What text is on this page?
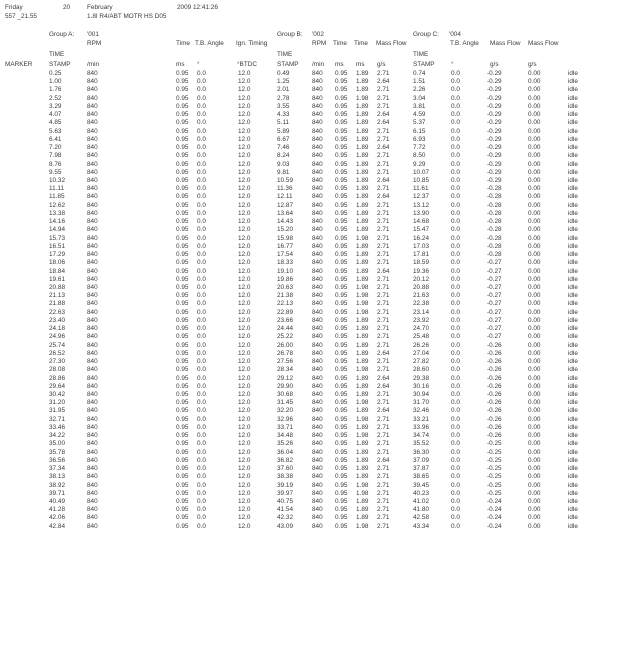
Friday	20	February	2009 12:41:26
557 _21.55	1.8I R4/ABT MOTR HS D05
Group A: '001	Group B: '002	Group C: '004
RPM	Time T.B. Angle Ign. Timing	RPM Time Time Mass Flow	T.B. Angle Mass Flow Mass Flow
TIME	TIME	TIME
MARKER	STAMP	/min	ms °	°BTDC	STAMP /min ms ms g/s	STAMP	°	g/s	g/s
0.25	840	0.95 0.0	12.0	0.49	840 0.95 1.89 2.71	0.74	0.0	-0.29	0.00	idle
1.00	840	0.95 0.0	12.0	1.25	840 0.95 1.89 2.64	1.51	0.0	-0.29	0.00	idle
1.76	840	0.95 0.0	12.0	2.01	840 0.95 1.89 2.71	2.26	0.0	-0.29	0.00	idle
2.52	840	0.95 0.0	12.0	2.78	840 0.95 1.98 2.71	3.04	0.0	-0.29	0.00	idle
3.29	840	0.95 0.0	12.0	3.55	840 0.95 1.89 2.71	3.81	0.0	-0.29	0.00	idle
4.07	840	0.95 0.0	12.0	4.33	840 0.95 1.89 2.64	4.59	0.0	-0.29	0.00	idle
4.85	840	0.95 0.0	12.0	5.11	840 0.95 1.89 2.64	5.37	0.0	-0.29	0.00	idle
5.63	840	0.95 0.0	12.0	5.89	840 0.95 1.89 2.71	6.15	0.0	-0.29	0.00	idle
6.41	840	0.95 0.0	12.0	6.67	840 0.95 1.89 2.71	6.93	0.0	-0.29	0.00	idle
7.20	840	0.95 0.0	12.0	7.46	840 0.95 1.89 2.64	7.72	0.0	-0.29	0.00	idle
7.98	840	0.95 0.0	12.0	8.24	840 0.95 1.89 2.71	8.50	0.0	-0.29	0.00	idle
8.76	840	0.95 0.0	12.0	9.03	840 0.95 1.89 2.71	9.29	0.0	-0.29	0.00	idle
9.55	840	0.95 0.0	12.0	9.81	840 0.95 1.89 2.71	10.07	0.0	-0.29	0.00	idle
10.32	840	0.95 0.0	12.0	10.59	840 0.95 1.89 2.64	10.85	0.0	-0.29	0.00	idle
11.11	840	0.95 0.0	12.0	11.36	840 0.95 1.89 2.71	11.61	0.0	-0.28	0.00	idle
11.85	840	0.95 0.0	12.0	12.11	840 0.95 1.89 2.64	12.37	0.0	-0.28	0.00	idle
12.62	840	0.95 0.0	12.0	12.87	840 0.95 1.89 2.71	13.12	0.0	-0.28	0.00	idle
13.38	840	0.95 0.0	12.0	13.64	840 0.95 1.89 2.71	13.90	0.0	-0.28	0.00	idle
14.16	840	0.95 0.0	12.0	14.43	840 0.95 1.89 2.71	14.68	0.0	-0.28	0.00	idle
14.94	840	0.95 0.0	12.0	15.20	840 0.95 1.89 2.71	15.47	0.0	-0.28	0.00	idle
15.73	840	0.95 0.0	12.0	15.98	840 0.95 1.98 2.71	16.24	0.0	-0.28	0.00	idle
16.51	840	0.95 0.0	12.0	16.77	840 0.95 1.89 2.71	17.03	0.0	-0.28	0.00	idle
17.29	840	0.95 0.0	12.0	17.54	840 0.95 1.89 2.71	17.81	0.0	-0.28	0.00	idle
18.06	840	0.95 0.0	12.0	18.33	840 0.95 1.89 2.71	18.59	0.0	-0.27	0.00	idle
18.84	840	0.95 0.0	12.0	19.10	840 0.95 1.89 2.64	19.36	0.0	-0.27	0.00	idle
19.61	840	0.95 0.0	12.0	19.86	840 0.95 1.89 2.71	20.12	0.0	-0.27	0.00	idle
20.88	840	0.95 0.0	12.0	20.63	840 0.95 1.98 2.71	20.88	0.0	-0.27	0.00	idle
21.13	840	0.95 0.0	12.0	21.38	840 0.95 1.98 2.71	21.63	0.0	-0.27	0.00	idle
21.88	840	0.95 0.0	12.0	22.13	840 0.95 1.98 2.71	22.38	0.0	-0.27	0.00	idle
22.63	840	0.95 0.0	12.0	22.89	840 0.95 1.98 2.71	23.14	0.0	-0.27	0.00	idle
23.40	840	0.95 0.0	12.0	23.66	840 0.95 1.89 2.71	23.92	0.0	-0.27	0.00	idle
24.18	840	0.95 0.0	12.0	24.44	840 0.95 1.89 2.71	24.70	0.0	-0.27	0.00	idle
24.96	840	0.95 0.0	12.0	25.22	840 0.95 1.89 2.71	25.48	0.0	-0.27	0.00	idle
25.74	840	0.95 0.0	12.0	26.00	840 0.95 1.89 2.71	26.26	0.0	-0.26	0.00	idle
26.52	840	0.95 0.0	12.0	26.78	840 0.95 1.89 2.64	27.04	0.0	-0.26	0.00	idle
27.30	840	0.95 0.0	12.0	27.56	840 0.95 1.89 2.71	27.82	0.0	-0.26	0.00	idle
28.08	840	0.95 0.0	12.0	28.34	840 0.95 1.98 2.71	28.60	0.0	-0.26	0.00	idle
28.86	840	0.95 0.0	12.0	29.12	840 0.95 1.89 2.64	29.38	0.0	-0.26	0.00	idle
29.64	840	0.95 0.0	12.0	29.90	840 0.95 1.89 2.64	30.16	0.0	-0.26	0.00	idle
30.42	840	0.95 0.0	12.0	30.68	840 0.95 1.89 2.71	30.94	0.0	-0.26	0.00	idle
31.20	840	0.95 0.0	12.0	31.45	840 0.95 1.98 2.71	31.70	0.0	-0.26	0.00	idle
31.95	840	0.95 0.0	12.0	32.20	840 0.95 1.89 2.64	32.46	0.0	-0.26	0.00	idle
32.71	840	0.95 0.0	12.0	32.96	840 0.95 1.98 2.71	33.21	0.0	-0.26	0.00	idle
33.46	840	0.95 0.0	12.0	33.71	840 0.95 1.89 2.71	33.96	0.0	-0.26	0.00	idle
34.22	840	0.95 0.0	12.0	34.48	840 0.95 1.98 2.71	34.74	0.0	-0.26	0.00	idle
35.00	840	0.95 0.0	12.0	35.26	840 0.95 1.89 2.71	35.52	0.0	-0.25	0.00	idle
35.78	840	0.95 0.0	12.0	36.04	840 0.95 1.89 2.71	36.30	0.0	-0.25	0.00	idle
36.56	840	0.95 0.0	12.0	36.82	840 0.95 1.89 2.64	37.09	0.0	-0.25	0.00	idle
37.34	840	0.95 0.0	12.0	37.60	840 0.95 1.89 2.71	37.87	0.0	-0.25	0.00	idle
38.13	840	0.95 0.0	12.0	38.38	840 0.95 1.89 2.71	38.65	0.0	-0.25	0.00	idle
38.92	840	0.95 0.0	12.0	39.19	840 0.95 1.98 2.71	39.45	0.0	-0.25	0.00	idle
39.71	840	0.95 0.0	12.0	39.97	840 0.95 1.98 2.71	40.23	0.0	-0.25	0.00	idle
40.49	840	0.95 0.0	12.0	40.75	840 0.95 1.89 2.71	41.02	0.0	-0.24	0.00	idle
41.28	840	0.95 0.0	12.0	41.54	840 0.95 1.89 2.71	41.80	0.0	-0.24	0.00	idle
42.06	840	0.95 0.0	12.0	42.32	840 0.95 1.89 2.71	42.58	0.0	-0.24	0.00	idle
42.84	840	0.95 0.0	12.0	43.09	840 0.95 1.98 2.71	43.34	0.0	-0.24	0.00	idle
